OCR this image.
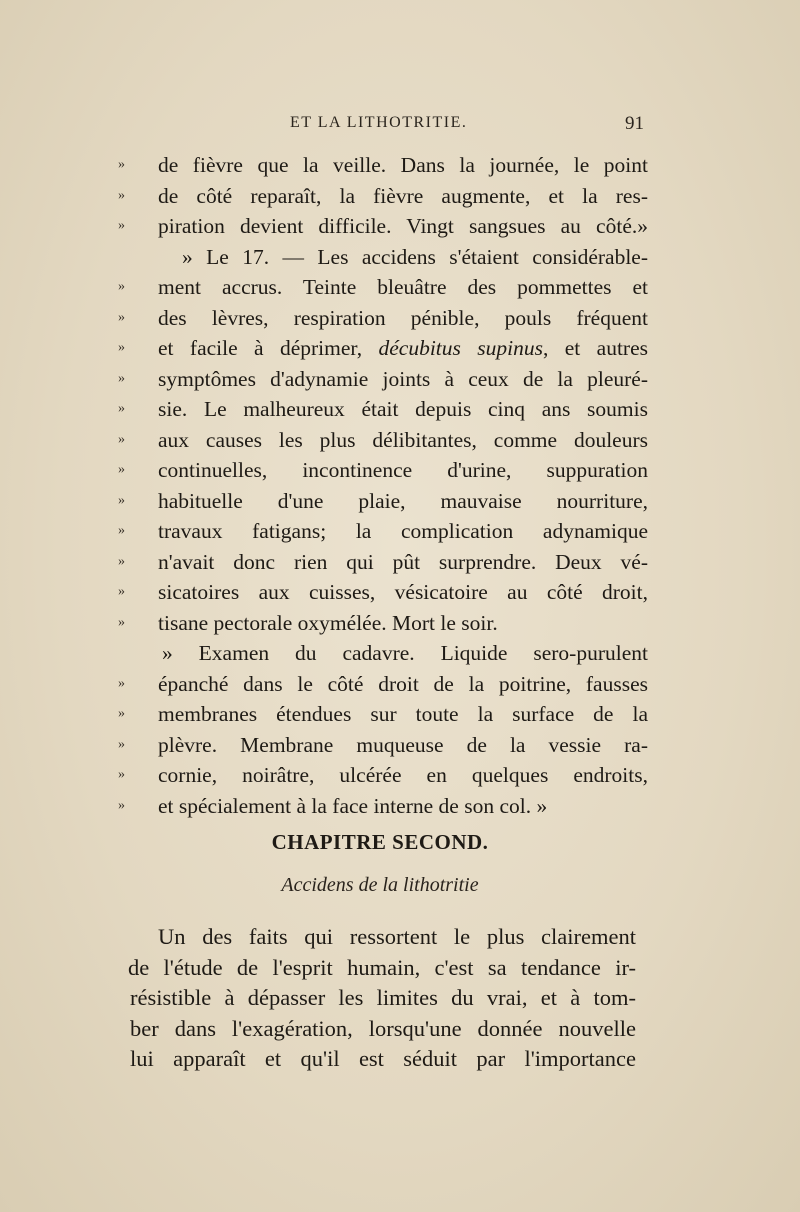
ET LA LITHOTRITIE.	91
»	de fièvre que la veille. Dans la journée, le point
»	de côté reparaît, la fièvre augmente, et la res-
»	piration devient difficile. Vingt sangsues au côté.»
» Le 17. — Les accidens s'étaient considérable-
»	ment accrus. Teinte bleuâtre des pommettes et
»	des lèvres, respiration pénible, pouls fréquent
»	et facile à déprimer, décubitus supinus, et autres
»	symptômes d'adynamie joints à ceux de la pleuré-
»	sie. Le malheureux était depuis cinq ans soumis
»	aux causes les plus délibitantes, comme douleurs
»	continuelles, incontinence d'urine, suppuration
»	habituelle d'une plaie, mauvaise nourriture,
»	travaux fatigans; la complication adynamique
»	n'avait donc rien qui pût surprendre. Deux vé-
»	sicatoires aux cuisses, vésicatoire au côté droit,
»	tisane pectorale oxymélée. Mort le soir.
» Examen du cadavre. Liquide sero-purulent
»	épanché dans le côté droit de la poitrine, fausses
»	membranes étendues sur toute la surface de la
»	plèvre. Membrane muqueuse de la vessie ra-
»	cornie, noirâtre, ulcérée en quelques endroits,
»	et spécialement à la face interne de son col. »
CHAPITRE SECOND.
Accidens de la lithotritie
Un des faits qui ressortent le plus clairement
de l'étude de l'esprit humain, c'est sa tendance ir-
résistible à dépasser les limites du vrai, et à tom-
ber dans l'exagération, lorsqu'une donnée nouvelle
lui apparaît et qu'il est séduit par l'importance
